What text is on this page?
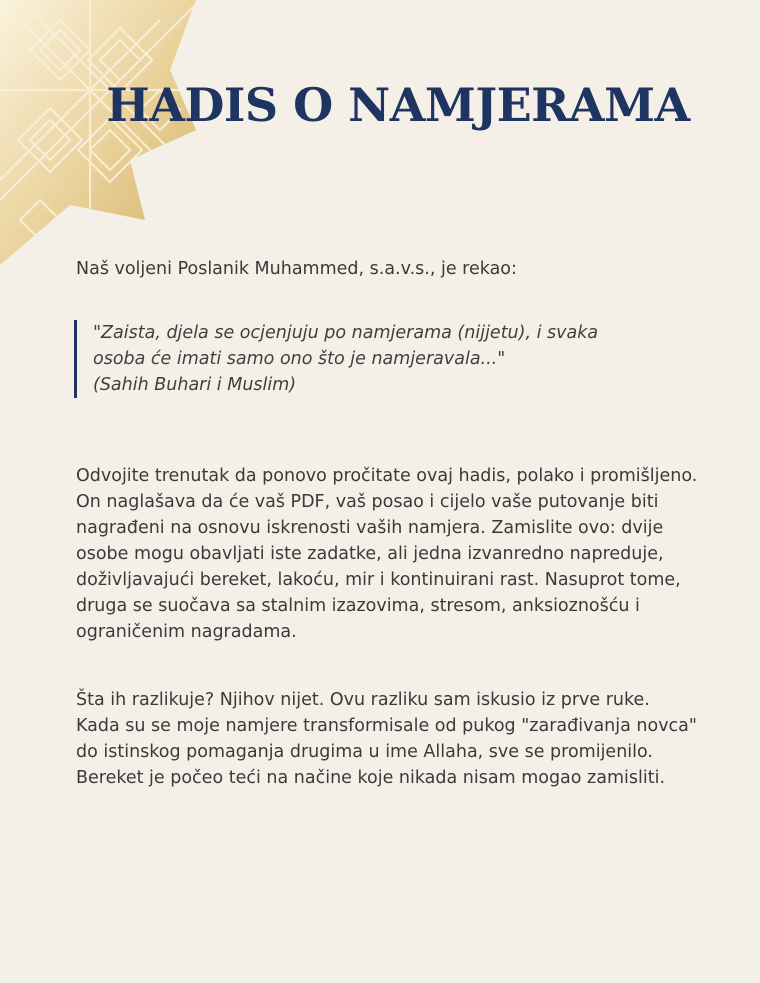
HADIS O NAMJERAMA

Naš voljeni Poslanik Muhammed, s.a.v.s., je rekao:

"Zaista, djela se ocjenjuju po namjerama (nijjetu), i svaka

osoba će imati samo ono što je namjeravala..."

(Sahih Buhari i Muslim)

Odvojite trenutak da ponovo pročitate ovaj hadis, polako i promišljeno. On naglašava da će vaš PDF, vaš posao i cijelo vaše putovanje biti nagrađeni na osnovu iskrenosti vaših namjera. Zamislite ovo: dvije osobe mogu obavljati iste zadatke, ali jedna izvanredno napreduje, doživljavajući bereket, lakoću, mir i kontinuirani rast. Nasuprot tome, druga se suočava sa stalnim izazovima, stresom, anksioznošću i ograničenim nagradama.

Šta ih razlikuje? Njihov nijet. Ovu razliku sam iskusio iz prve ruke. Kada su se moje namjere transformisale od pukog "zarađivanja novca" do istinskog pomaganja drugima u ime Allaha, sve se promijenilo. Bereket je počeo teći na načine koje nikada nisam mogao zamisliti.
